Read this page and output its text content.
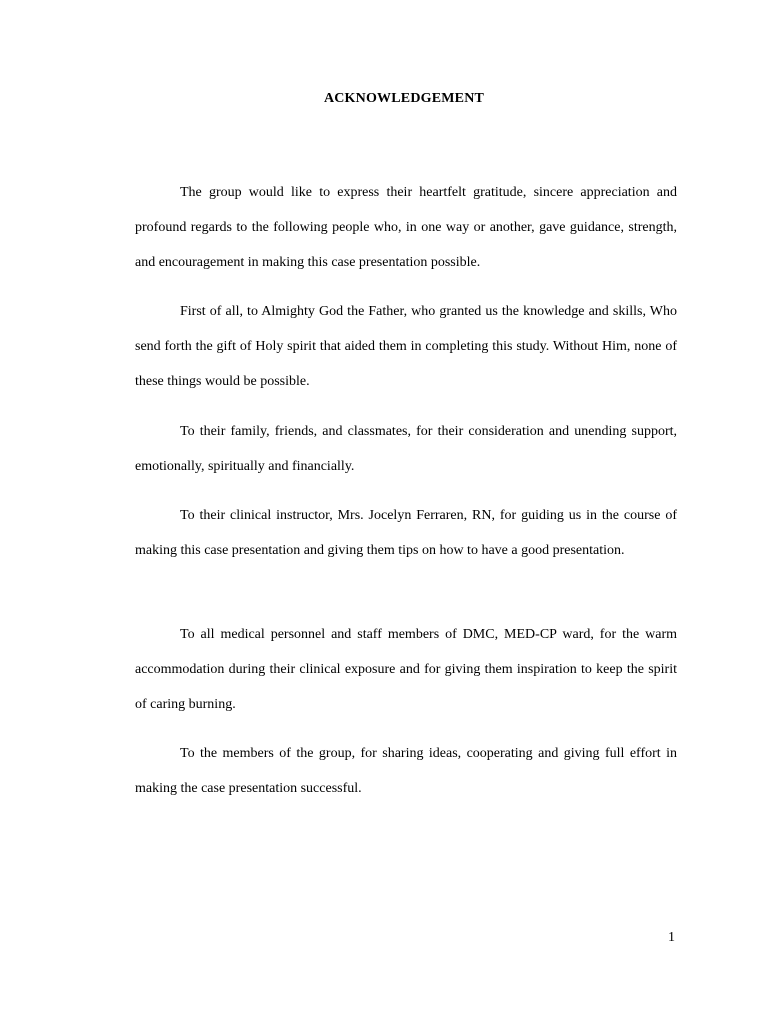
ACKNOWLEDGEMENT

The group would like to express their heartfelt gratitude, sincere appreciation and profound regards to the following people who, in one way or another, gave guidance, strength, and encouragement in making this case presentation possible.

First of all, to Almighty God the Father, who granted us the knowledge and skills, Who send forth the gift of Holy spirit that aided them in completing this study. Without Him, none of these things would be possible.

To their family, friends, and classmates, for their consideration and unending support, emotionally, spiritually and financially.

To their clinical instructor, Mrs. Jocelyn Ferraren, RN, for guiding us in the course of making this case presentation and giving them tips on how to have a good presentation.

To all medical personnel and staff members of DMC, MED-CP ward, for the warm accommodation during their clinical exposure and for giving them inspiration to keep the spirit of caring burning.

To the members of the group, for sharing ideas, cooperating and giving full effort in making the case presentation successful.

1
